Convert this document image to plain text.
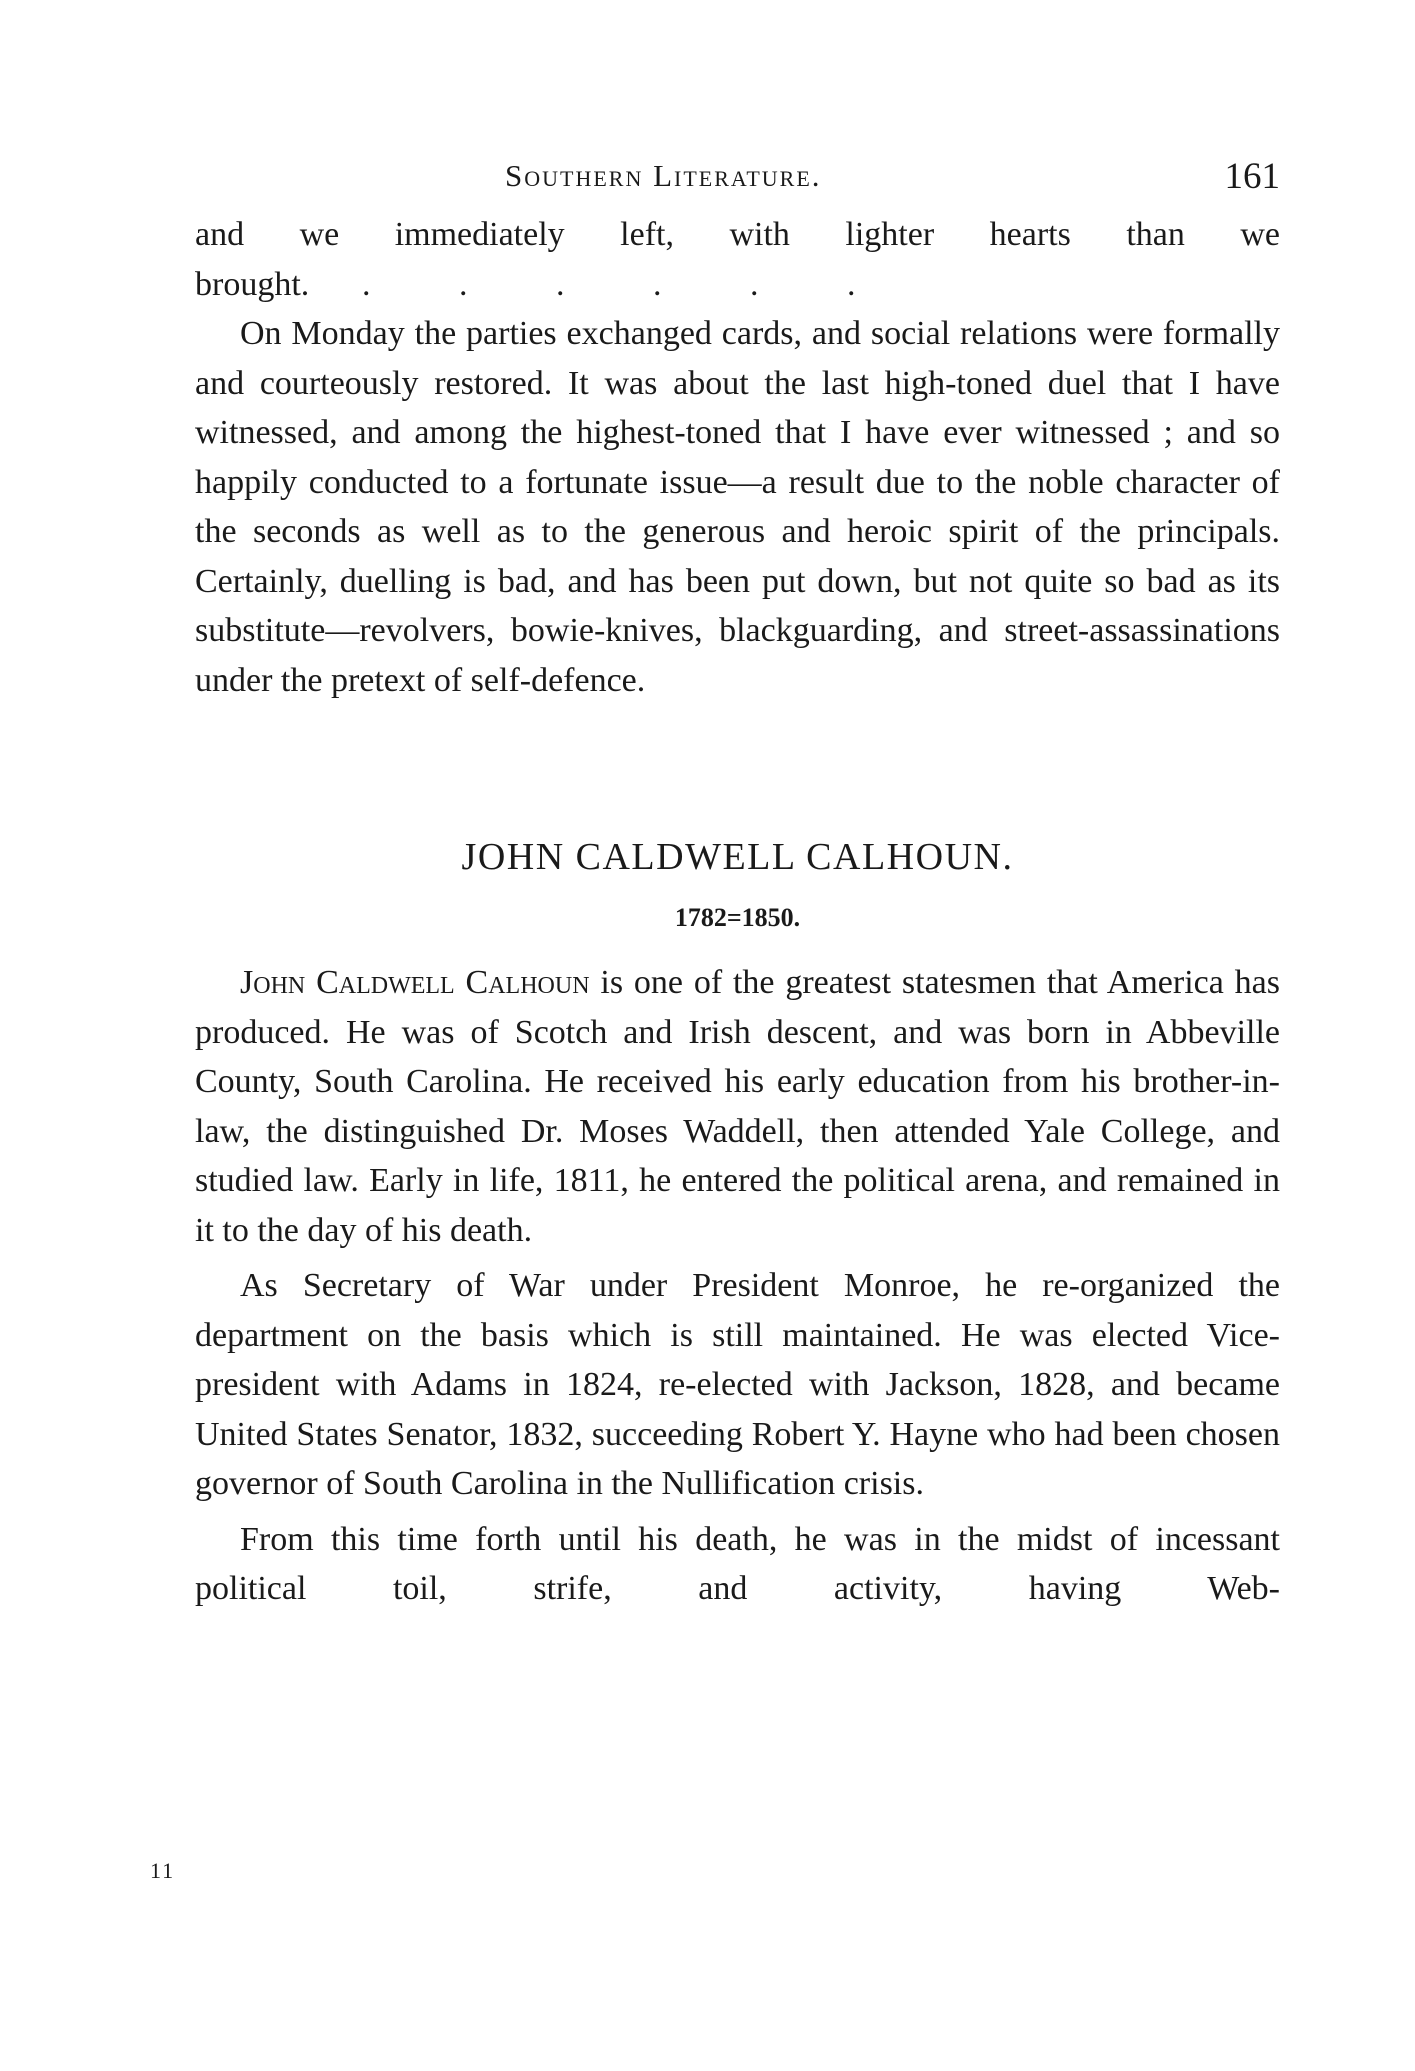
Southern Literature.	161

and we immediately left, with lighter hearts than we

brought. .	.	.	.	.	.

On Monday the parties exchanged cards, and social relations were formally and courteously restored. It was about the last high-toned duel that I have witnessed, and among the highest-toned that I have ever witnessed ; and so happily conducted to a fortunate issue—a result due to the noble character of the seconds as well as to the generous and heroic spirit of the principals. Certainly, duelling is bad, and has been put down, but not quite so bad as its substitute—revolvers, bowie-knives, blackguarding, and street-assassinations under the pretext of self-defence.

JOHN CALDWELL CALHOUN.
1782=1850.

John Caldwell Calhoun is one of the greatest statesmen that America has produced. He was of Scotch and Irish descent, and was born in Abbeville County, South Carolina. He received his early education from his brother-in-law, the distinguished Dr. Moses Waddell, then attended Yale College, and studied law. Early in life, 1811, he entered the political arena, and remained in it to the day of his death.

As Secretary of War under President Monroe, he re-organized the department on the basis which is still maintained. He was elected Vice-president with Adams in 1824, re-elected with Jackson, 1828, and became United States Senator, 1832, succeeding Robert Y. Hayne who had been chosen governor of South Carolina in the Nullification crisis.

From this time forth until his death, he was in the midst of incessant political toil, strife, and activity, having Web-

11
